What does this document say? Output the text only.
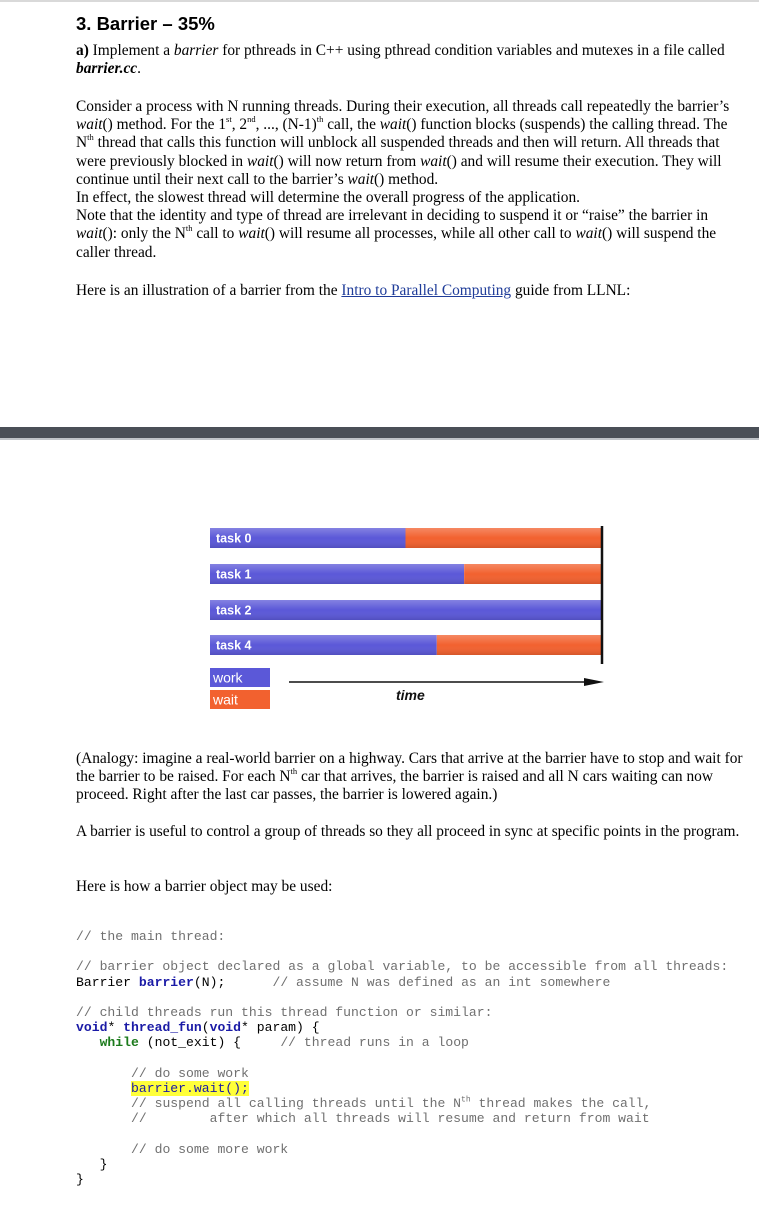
3. Barrier – 35%

a) Implement a barrier for pthreads in C++ using pthread condition variables and mutexes in a file called barrier.cc.

Consider a process with N running threads. During their execution, all threads call repeatedly the barrier’s wait() method. For the 1st, 2nd, ..., $(N-1)^{th}$ call, the wait() function blocks (suspends) the calling thread. The $N^{th}$ thread that calls this function will unblock all suspended threads and then will return. All threads that were previously blocked in wait() will now return from wait() and will resume their execution. They will continue until their next call to the barrier’s wait() method.
In effect, the slowest thread will determine the overall progress of the application.
Note that the identity and type of thread are irrelevant in deciding to suspend it or “raise” the barrier in wait(): only the $N^{th}$ call to wait() will resume all processes, while all other call to wait() will suspend the caller thread.

Here is an illustration of a barrier from the Intro to Parallel Computing guide from LLNL:

task 0
task 1
task 2
task 4
work
wait	time

(Analogy: imagine a real-world barrier on a highway. Cars that arrive at the barrier have to stop and wait for the barrier to be raised. For each $N^{th}$ car that arrives, the barrier is raised and all N cars waiting can now proceed. Right after the last car passes, the barrier is lowered again.)

A barrier is useful to control a group of threads so they all proceed in sync at specific points in the program.

Here is how a barrier object may be used:

// the main thread:

// barrier object declared as a global variable, to be accessible from all threads:
Barrier barrier(N);	// assume N was defined as an int somewhere

// child threads run this thread function or similar:
void* thread_fun(void* param) {
while (not_exit) {	// thread runs in a loop

// do some work
barrier.wait();
// suspend all calling threads until the $N^{th}$ thread makes the call,
//        after which all threads will resume and return from wait

// do some more work
}
}
